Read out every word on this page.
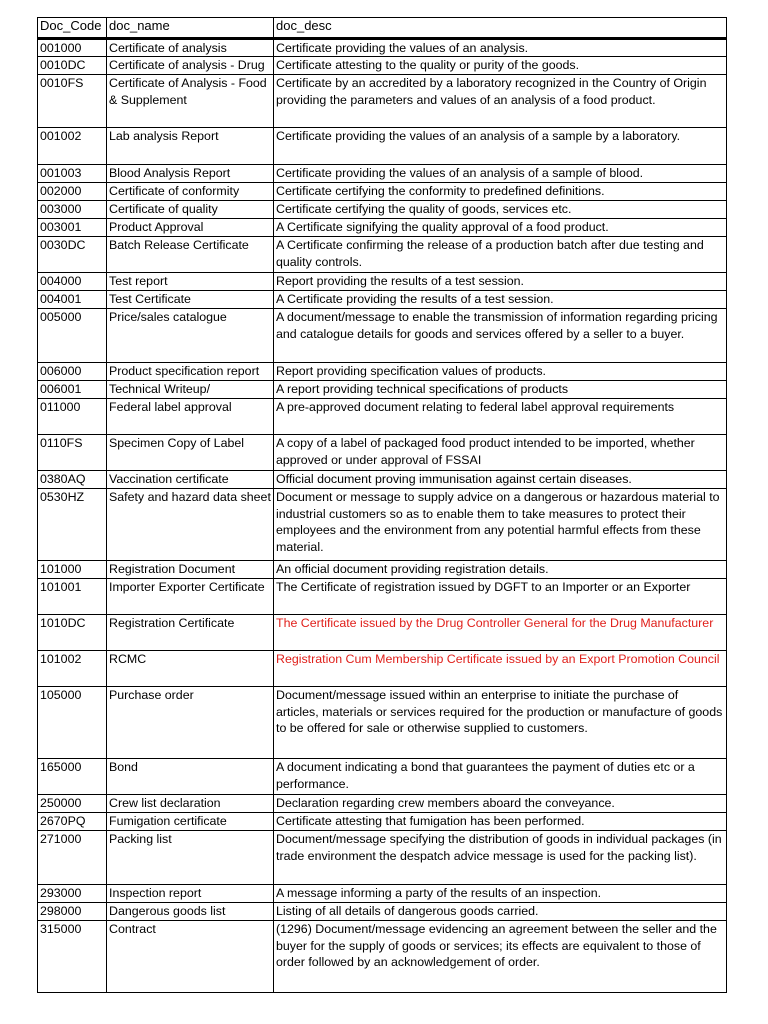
Doc_Code	doc_name	doc_desc
001000	Certificate of analysis	Certificate providing the values of an analysis.
0010DC	Certificate of analysis - Drug	Certificate attesting to the quality or purity of the goods.
0010FS	Certificate of Analysis - Food & Supplement	Certificate by an accredited by a laboratory recognized in the Country of Origin providing the parameters and values of an analysis of a food product.
001002	Lab analysis Report	Certificate providing the values of an analysis of a sample by a laboratory.
001003	Blood Analysis Report	Certificate providing the values of an analysis of a sample of blood.
002000	Certificate of conformity	Certificate certifying the conformity to predefined definitions.
003000	Certificate of quality	Certificate certifying the quality of goods, services etc.
003001	Product Approval	A Certificate signifying the quality approval of a food product.
0030DC	Batch Release Certificate	A Certificate confirming the release of a production batch after due testing and quality controls.
004000	Test report	Report providing the results of a test session.
004001	Test Certificate	A Certificate providing the results of a test session.
005000	Price/sales catalogue	A document/message to enable the transmission of information regarding pricing and catalogue details for goods and services offered by a seller to a buyer.
006000	Product specification report	Report providing specification values of products.
006001	Technical Writeup/	A report providing technical specifications of products
011000	Federal label approval	A pre-approved document relating to federal label approval requirements
0110FS	Specimen Copy of Label	A copy of a label of packaged food product intended to be imported, whether approved or under approval of FSSAI
0380AQ	Vaccination certificate	Official document proving immunisation against certain diseases.
0530HZ	Safety and hazard data sheet	Document or message to supply advice on a dangerous or hazardous material to industrial customers so as to enable them to take measures to protect their employees and the environment from any potential harmful effects from these material.
101000	Registration Document	An official document providing registration details.
101001	Importer Exporter Certificate	The Certificate of registration issued by DGFT to an Importer or an Exporter
1010DC	Registration Certificate	The Certificate issued by the Drug Controller General for the Drug Manufacturer
101002	RCMC	Registration Cum Membership Certificate issued by an Export Promotion Council
105000	Purchase order	Document/message issued within an enterprise to initiate the purchase of articles, materials or services required for the production or manufacture of goods to be offered for sale or otherwise supplied to customers.
165000	Bond	A document indicating a bond that guarantees the payment of duties etc or a performance.
250000	Crew list declaration	Declaration regarding crew members aboard the conveyance.
2670PQ	Fumigation certificate	Certificate attesting that fumigation has been performed.
271000	Packing list	Document/message specifying the distribution of goods in individual packages (in trade environment the despatch advice message is used for the packing list).
293000	Inspection report	A message informing a party of the results of an inspection.
298000	Dangerous goods list	Listing of all details of dangerous goods carried.
315000	Contract	(1296) Document/message evidencing an agreement between the seller and the buyer for the supply of goods or services; its effects are equivalent to those of order followed by an acknowledgement of order.
